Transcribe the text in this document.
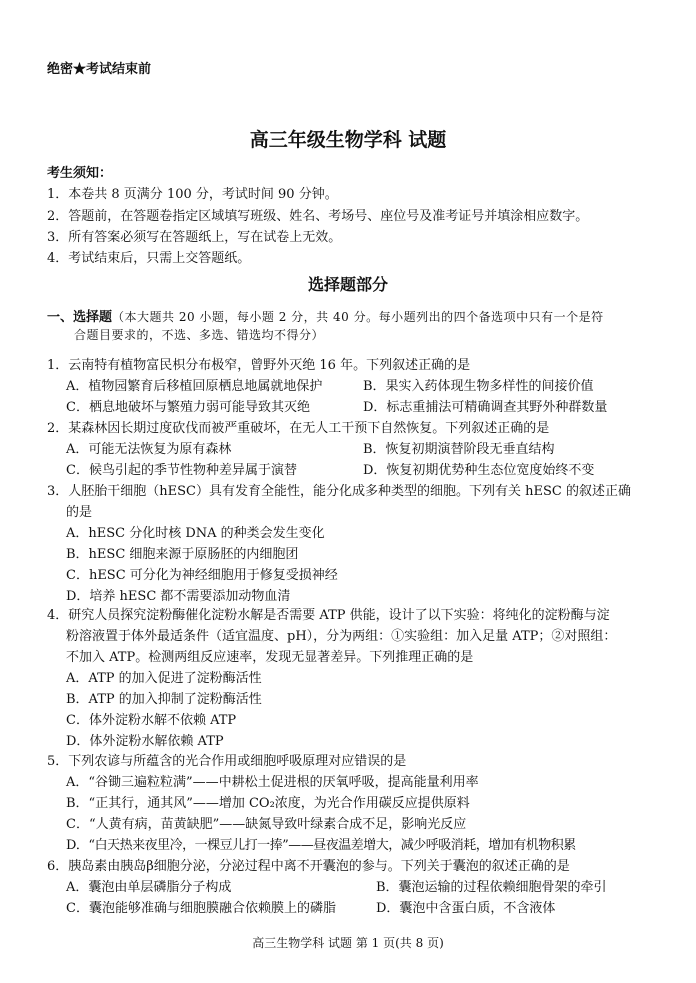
绝密★考试结束前
高三年级生物学科 试题
考生须知：
1．本卷共 8 页满分 100 分，考试时间 90 分钟。
2．答题前，在答题卷指定区域填写班级、姓名、考场号、座位号及准考证号并填涂相应数字。
3．所有答案必须写在答题纸上，写在试卷上无效。
4．考试结束后，只需上交答题纸。
选择题部分
一、选择题（本大题共 20 小题，每小题 2 分，共 40 分。每小题列出的四个备选项中只有一个是符
合题目要求的，不选、多选、错选均不得分）
1．云南特有植物富民枳分布极窄，曾野外灭绝 16 年。下列叙述正确的是
A．植物园繁育后移植回原栖息地属就地保护	B．果实入药体现生物多样性的间接价值
C．栖息地破坏与繁殖力弱可能导致其灭绝	D．标志重捕法可精确调查其野外种群数量
2．某森林因长期过度砍伐而被严重破坏，在无人工干预下自然恢复。下列叙述正确的是
A．可能无法恢复为原有森林	B．恢复初期演替阶段无垂直结构
C．候鸟引起的季节性物种差异属于演替	D．恢复初期优势种生态位宽度始终不变
3．人胚胎干细胞（hESC）具有发育全能性，能分化成多种类型的细胞。下列有关 hESC 的叙述正确
的是
A．hESC 分化时核 DNA 的种类会发生变化
B．hESC 细胞来源于原肠胚的内细胞团
C．hESC 可分化为神经细胞用于修复受损神经
D．培养 hESC 都不需要添加动物血清
4．研究人员探究淀粉酶催化淀粉水解是否需要 ATP 供能，设计了以下实验：将纯化的淀粉酶与淀
粉溶液置于体外最适条件（适宜温度、pH），分为两组：①实验组：加入足量 ATP；②对照组：
不加入 ATP。检测两组反应速率，发现无显著差异。下列推理正确的是
A．ATP 的加入促进了淀粉酶活性
B．ATP 的加入抑制了淀粉酶活性
C．体外淀粉水解不依赖 ATP
D．体外淀粉水解依赖 ATP
5．下列农谚与所蕴含的光合作用或细胞呼吸原理对应错误的是
A．“谷锄三遍粒粒满”——中耕松土促进根的厌氧呼吸，提高能量利用率
B．“正其行，通其风”——增加 CO₂浓度，为光合作用碳反应提供原料
C．“人黄有病，苗黄缺肥”——缺氮导致叶绿素合成不足，影响光反应
D．“白天热来夜里冷，一棵豆儿打一捧”——昼夜温差增大，减少呼吸消耗，增加有机物积累
6．胰岛素由胰岛β细胞分泌，分泌过程中离不开囊泡的参与。下列关于囊泡的叙述正确的是
A．囊泡由单层磷脂分子构成	B．囊泡运输的过程依赖细胞骨架的牵引
C．囊泡能够准确与细胞膜融合依赖膜上的磷脂	D．囊泡中含蛋白质，不含液体
高三生物学科 试题 第 1 页(共 8 页)
